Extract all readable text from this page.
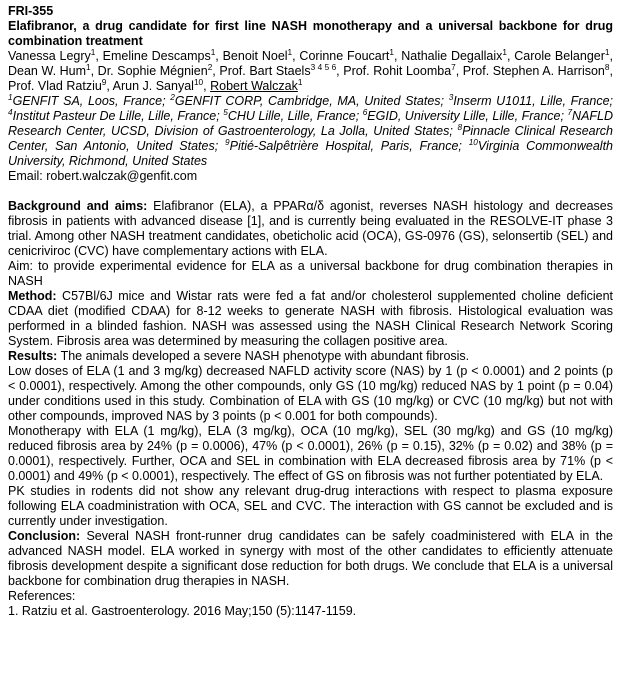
FRI-355

Elafibranor, a drug candidate for first line NASH monotherapy and a universal backbone for drug combination treatment

Vanessa Legry$^1$, Emeline Descamps$^1$, Benoit Noel$^1$, Corinne Foucart$^1$, Nathalie Degallaix$^1$, Carole Belanger$^1$, Dean W. Hum$^1$, Dr. Sophie Mégnien$^2$, Prof. Bart Staels$^{3 4 5 6}$, Prof. Rohit Loomba$^7$, Prof. Stephen A. Harrison$^8$, Prof. Vlad Ratziu$^9$, Arun J. Sanyal$^{10}$, Robert Walczak$^1$

$^1$GENFIT SA, Loos, France; $^2$GENFIT CORP, Cambridge, MA, United States; $^3$Inserm U1011, Lille, France; $^4$Institut Pasteur De Lille, Lille, France; $^5$CHU Lille, Lille, France; $^6$EGID, University Lille, Lille, France; $^7$NAFLD Research Center, UCSD, Division of Gastroenterology, La Jolla, United States; $^8$Pinnacle Clinical Research Center, San Antonio, United States; $^9$Pitié-Salpêtrière Hospital, Paris, France; $^{10}$Virginia Commonwealth University, Richmond, United States

Email: robert.walczak@genfit.com

Background and aims: Elafibranor (ELA), a PPARα/δ agonist, reverses NASH histology and decreases fibrosis in patients with advanced disease [1], and is currently being evaluated in the RESOLVE-IT phase 3 trial. Among other NASH treatment candidates, obeticholic acid (OCA), GS-0976 (GS), selonsertib (SEL) and cenicriviroc (CVC) have complementary actions with ELA.

Aim: to provide experimental evidence for ELA as a universal backbone for drug combination therapies in NASH

Method: C57Bl/6J mice and Wistar rats were fed a fat and/or cholesterol supplemented choline deficient CDAA diet (modified CDAA) for 8-12 weeks to generate NASH with fibrosis. Histological evaluation was performed in a blinded fashion. NASH was assessed using the NASH Clinical Research Network Scoring System. Fibrosis area was determined by measuring the collagen positive area.

Results: The animals developed a severe NASH phenotype with abundant fibrosis.

Low doses of ELA (1 and 3 mg/kg) decreased NAFLD activity score (NAS) by 1 (p < 0.0001) and 2 points (p < 0.0001), respectively. Among the other compounds, only GS (10 mg/kg) reduced NAS by 1 point (p = 0.04) under conditions used in this study. Combination of ELA with GS (10 mg/kg) or CVC (10 mg/kg) but not with other compounds, improved NAS by 3 points (p < 0.001 for both compounds).

Monotherapy with ELA (1 mg/kg), ELA (3 mg/kg), OCA (10 mg/kg), SEL (30 mg/kg) and GS (10 mg/kg) reduced fibrosis area by 24% (p = 0.0006), 47% (p < 0.0001), 26% (p = 0.15), 32% (p = 0.02) and 38% (p = 0.0001), respectively. Further, OCA and SEL in combination with ELA decreased fibrosis area by 71% (p < 0.0001) and 49% (p < 0.0001), respectively. The effect of GS on fibrosis was not further potentiated by ELA.

PK studies in rodents did not show any relevant drug-drug interactions with respect to plasma exposure following ELA coadministration with OCA, SEL and CVC. The interaction with GS cannot be excluded and is currently under investigation.

Conclusion: Several NASH front-runner drug candidates can be safely coadministered with ELA in the advanced NASH model. ELA worked in synergy with most of the other candidates to efficiently attenuate fibrosis development despite a significant dose reduction for both drugs. We conclude that ELA is a universal backbone for combination drug therapies in NASH.

References:

1. Ratziu et al. Gastroenterology. 2016 May;150 (5):1147-1159.
